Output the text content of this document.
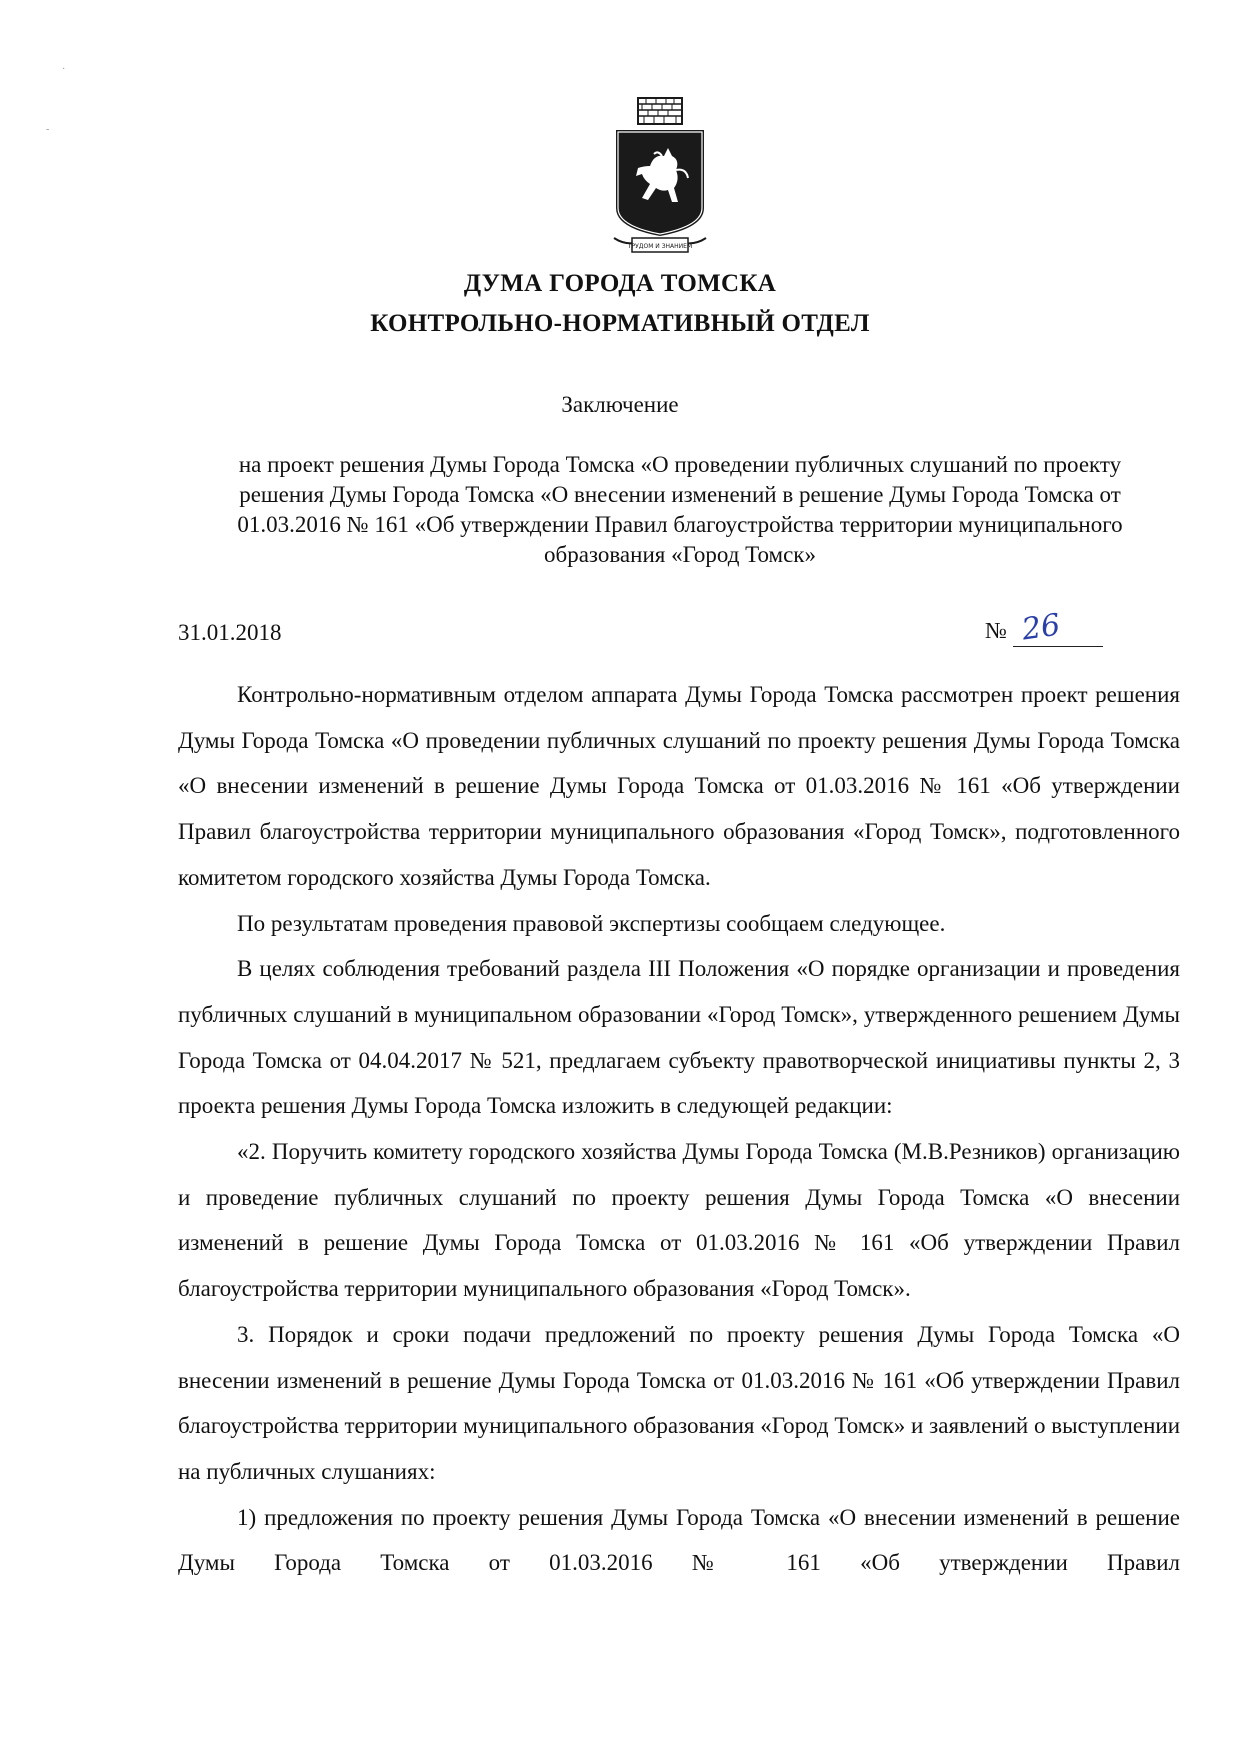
·
-
ТРУДОМ И ЗНАНИЕМ
ДУМА ГОРОДА ТОМСКА
КОНТРОЛЬНО-НОРМАТИВНЫЙ ОТДЕЛ
Заключение
на проект решения Думы Города Томска «О проведении публичных слушаний по проекту
решения Думы Города Томска «О внесении изменений в решение Думы Города Томска от
01.03.2016 № 161 «Об утверждении Правил благоустройства территории муниципального
образования «Город Томск»
31.01.2018	№ 26

Контрольно-нормативным отделом аппарата Думы Города Томска рассмотрен проект решения Думы Города Томска «О проведении публичных слушаний по проекту решения Думы Города Томска «О внесении изменений в решение Думы Города Томска от 01.03.2016 № 161 «Об утверждении Правил благоустройства территории муниципального образования «Город Томск», подготовленного комитетом городского хозяйства Думы Города Томска.

По результатам проведения правовой экспертизы сообщаем следующее.

В целях соблюдения требований раздела III Положения «О порядке организации и проведения публичных слушаний в муниципальном образовании «Город Томск», утвержденного решением Думы Города Томска от 04.04.2017 № 521, предлагаем субъекту правотворческой инициативы пункты 2, 3 проекта решения Думы Города Томска изложить в следующей редакции:

«2. Поручить комитету городского хозяйства Думы Города Томска (М.В.Резников) организацию и проведение публичных слушаний по проекту решения Думы Города Томска «О внесении изменений в решение Думы Города Томска от 01.03.2016 № 161 «Об утверждении Правил благоустройства территории муниципального образования «Город Томск».

3. Порядок и сроки подачи предложений по проекту решения Думы Города Томска «О внесении изменений в решение Думы Города Томска от 01.03.2016 № 161 «Об утверждении Правил благоустройства территории муниципального образования «Город Томск» и заявлений о выступлении на публичных слушаниях:

1) предложения по проекту решения Думы Города Томска «О внесении изменений в решение Думы Города Томска от 01.03.2016 № 161 «Об утверждении Правил
